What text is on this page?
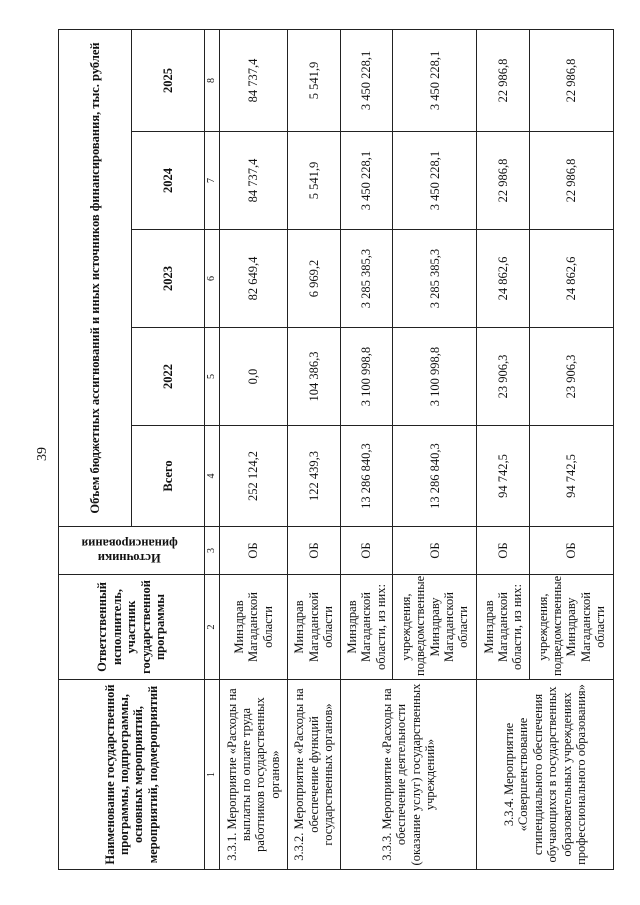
39
Наименование государственной программы, подпрограммы, основных мероприятий, мероприятий, подмероприятий	Ответственный исполнитель, участник государственной программы	Источники финансирования	Объем бюджетных ассигнований и иных источников финансирования, тыс. рублей				
			Всего	2022	2023	2024	2025
1	2	3	4	5	6	7	8
3.3.1. Мероприятие «Расходы на выплаты по оплате труда работников государственных органов»	Минздрав Магаданской области	ОБ	252 124,2	0,0	82 649,4	84 737,4	84 737,4
3.3.2. Мероприятие «Расходы на обеспечение функций государственных органов»	Минздрав Магаданской области	ОБ	122 439,3	104 386,3	6 969,2	5 541,9	5 541,9
3.3.3. Мероприятие «Расходы на обеспечение деятельности (оказание услуг) государственных учреждений»	Минздрав Магаданской области, из них:	ОБ	13 286 840,3	3 100 998,8	3 285 385,3	3 450 228,1	3 450 228,1
	учреждения, подведомственные Минздраву Магаданской области	ОБ	13 286 840,3	3 100 998,8	3 285 385,3	3 450 228,1	3 450 228,1
3.3.4. Мероприятие «Совершенствование стипендиального обеспечения обучающихся в государственных образовательных учреждениях профессионального образования»	Минздрав Магаданской области, из них:	ОБ	94 742,5	23 906,3	24 862,6	22 986,8	22 986,8
	учреждения, подведомственные Минздраву Магаданской области	ОБ	94 742,5	23 906,3	24 862,6	22 986,8	22 986,8
